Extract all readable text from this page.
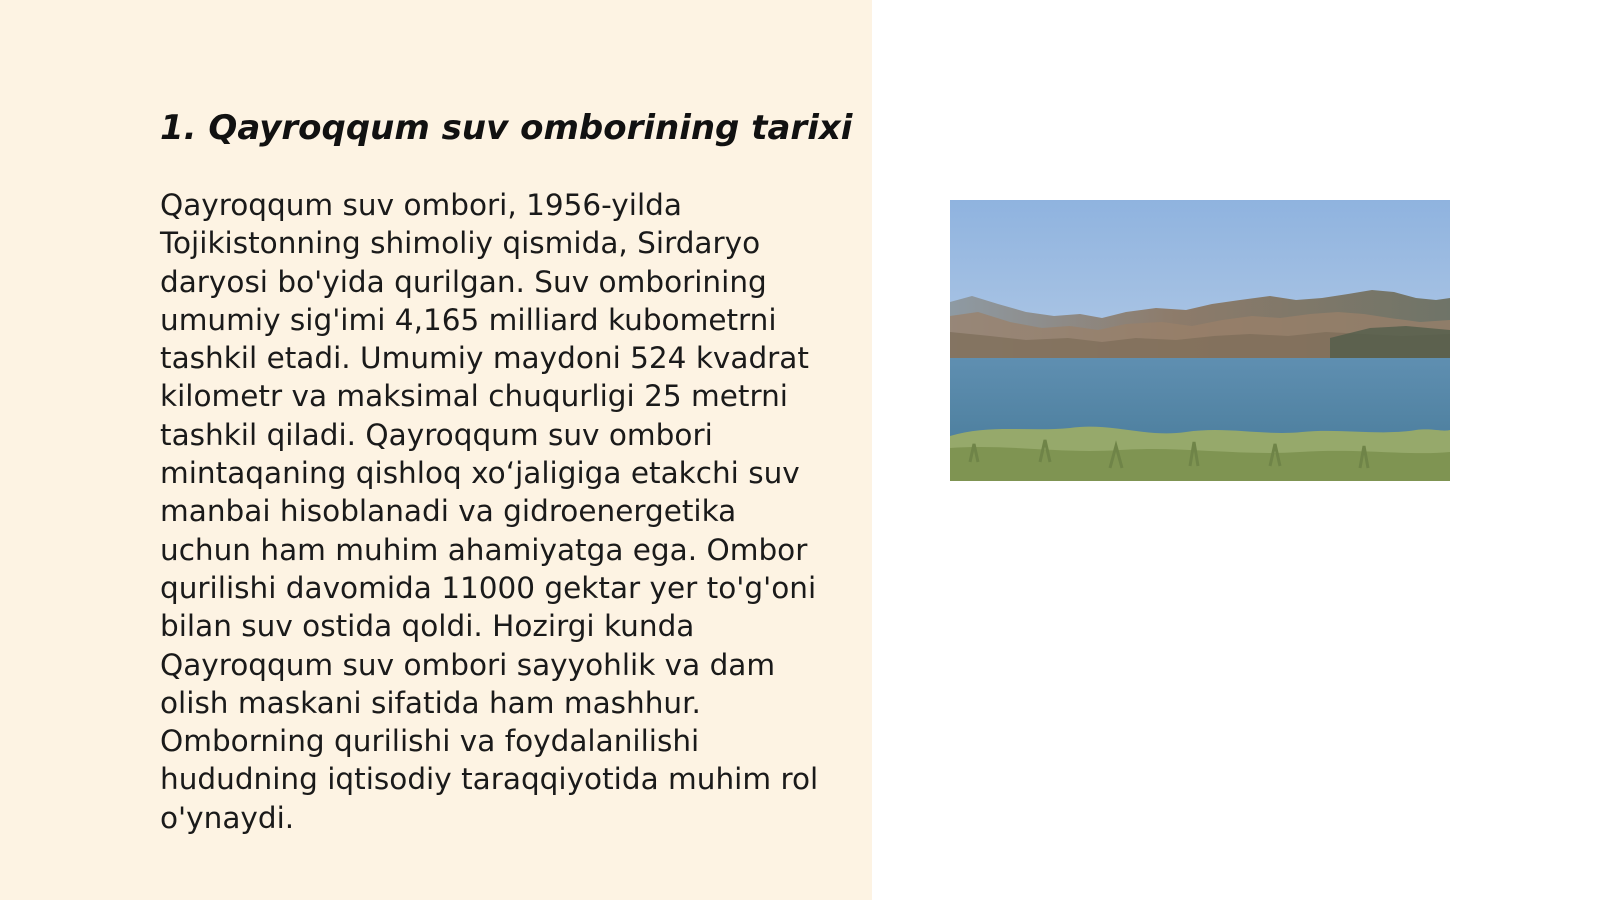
1. Qayroqqum suv omborining tarixi

Qayroqqum suv ombori, 1956-yilda
Tojikistonning shimoliy qismida, Sirdaryo
daryosi bo'yida qurilgan. Suv omborining
umumiy sig'imi 4,165 milliard kubometrni
tashkil etadi. Umumiy maydoni 524 kvadrat
kilometr va maksimal chuqurligi 25 metrni
tashkil qiladi. Qayroqqum suv ombori
mintaqaning qishloq xo‘jaligiga etakchi suv
manbai hisoblanadi va gidroenergetika
uchun ham muhim ahamiyatga ega. Ombor
qurilishi davomida 11000 gektar yer to'g'oni
bilan suv ostida qoldi. Hozirgi kunda
Qayroqqum suv ombori sayyohlik va dam
olish maskani sifatida ham mashhur.
Omborning qurilishi va foydalanilishi
hududning iqtisodiy taraqqiyotida muhim rol
o'ynaydi.
